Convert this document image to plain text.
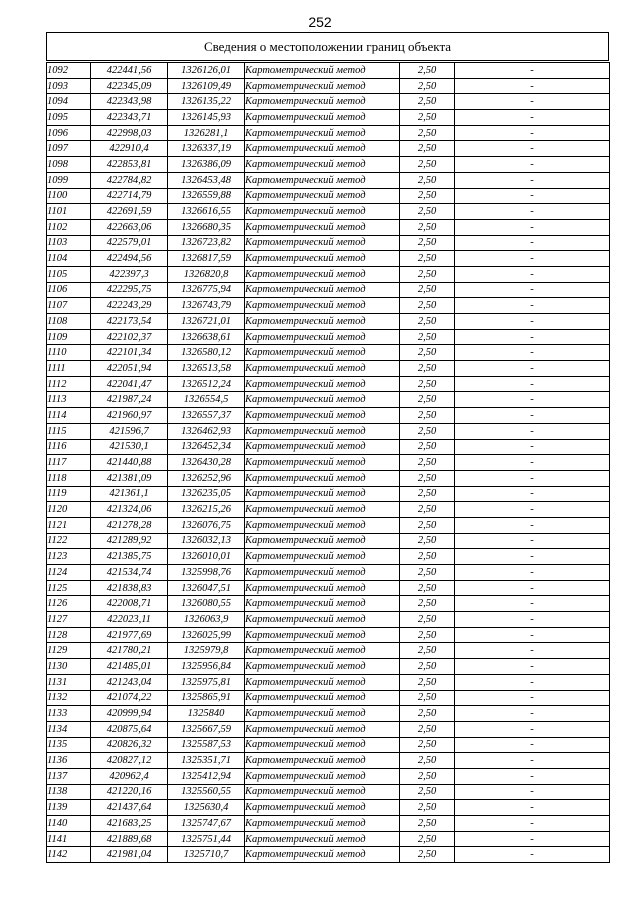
252
Сведения о местоположении границ объекта
1092	422441,56	1326126,01	Картометрический метод	2,50	-
1093	422345,09	1326109,49	Картометрический метод	2,50	-
1094	422343,98	1326135,22	Картометрический метод	2,50	-
1095	422343,71	1326145,93	Картометрический метод	2,50	-
1096	422998,03	1326281,1	Картометрический метод	2,50	-
1097	422910,4	1326337,19	Картометрический метод	2,50	-
1098	422853,81	1326386,09	Картометрический метод	2,50	-
1099	422784,82	1326453,48	Картометрический метод	2,50	-
1100	422714,79	1326559,88	Картометрический метод	2,50	-
1101	422691,59	1326616,55	Картометрический метод	2,50	-
1102	422663,06	1326680,35	Картометрический метод	2,50	-
1103	422579,01	1326723,82	Картометрический метод	2,50	-
1104	422494,56	1326817,59	Картометрический метод	2,50	-
1105	422397,3	1326820,8	Картометрический метод	2,50	-
1106	422295,75	1326775,94	Картометрический метод	2,50	-
1107	422243,29	1326743,79	Картометрический метод	2,50	-
1108	422173,54	1326721,01	Картометрический метод	2,50	-
1109	422102,37	1326638,61	Картометрический метод	2,50	-
1110	422101,34	1326580,12	Картометрический метод	2,50	-
1111	422051,94	1326513,58	Картометрический метод	2,50	-
1112	422041,47	1326512,24	Картометрический метод	2,50	-
1113	421987,24	1326554,5	Картометрический метод	2,50	-
1114	421960,97	1326557,37	Картометрический метод	2,50	-
1115	421596,7	1326462,93	Картометрический метод	2,50	-
1116	421530,1	1326452,34	Картометрический метод	2,50	-
1117	421440,88	1326430,28	Картометрический метод	2,50	-
1118	421381,09	1326252,96	Картометрический метод	2,50	-
1119	421361,1	1326235,05	Картометрический метод	2,50	-
1120	421324,06	1326215,26	Картометрический метод	2,50	-
1121	421278,28	1326076,75	Картометрический метод	2,50	-
1122	421289,92	1326032,13	Картометрический метод	2,50	-
1123	421385,75	1326010,01	Картометрический метод	2,50	-
1124	421534,74	1325998,76	Картометрический метод	2,50	-
1125	421838,83	1326047,51	Картометрический метод	2,50	-
1126	422008,71	1326080,55	Картометрический метод	2,50	-
1127	422023,11	1326063,9	Картометрический метод	2,50	-
1128	421977,69	1326025,99	Картометрический метод	2,50	-
1129	421780,21	1325979,8	Картометрический метод	2,50	-
1130	421485,01	1325956,84	Картометрический метод	2,50	-
1131	421243,04	1325975,81	Картометрический метод	2,50	-
1132	421074,22	1325865,91	Картометрический метод	2,50	-
1133	420999,94	1325840	Картометрический метод	2,50	-
1134	420875,64	1325667,59	Картометрический метод	2,50	-
1135	420826,32	1325587,53	Картометрический метод	2,50	-
1136	420827,12	1325351,71	Картометрический метод	2,50	-
1137	420962,4	1325412,94	Картометрический метод	2,50	-
1138	421220,16	1325560,55	Картометрический метод	2,50	-
1139	421437,64	1325630,4	Картометрический метод	2,50	-
1140	421683,25	1325747,67	Картометрический метод	2,50	-
1141	421889,68	1325751,44	Картометрический метод	2,50	-
1142	421981,04	1325710,7	Картометрический метод	2,50	-
